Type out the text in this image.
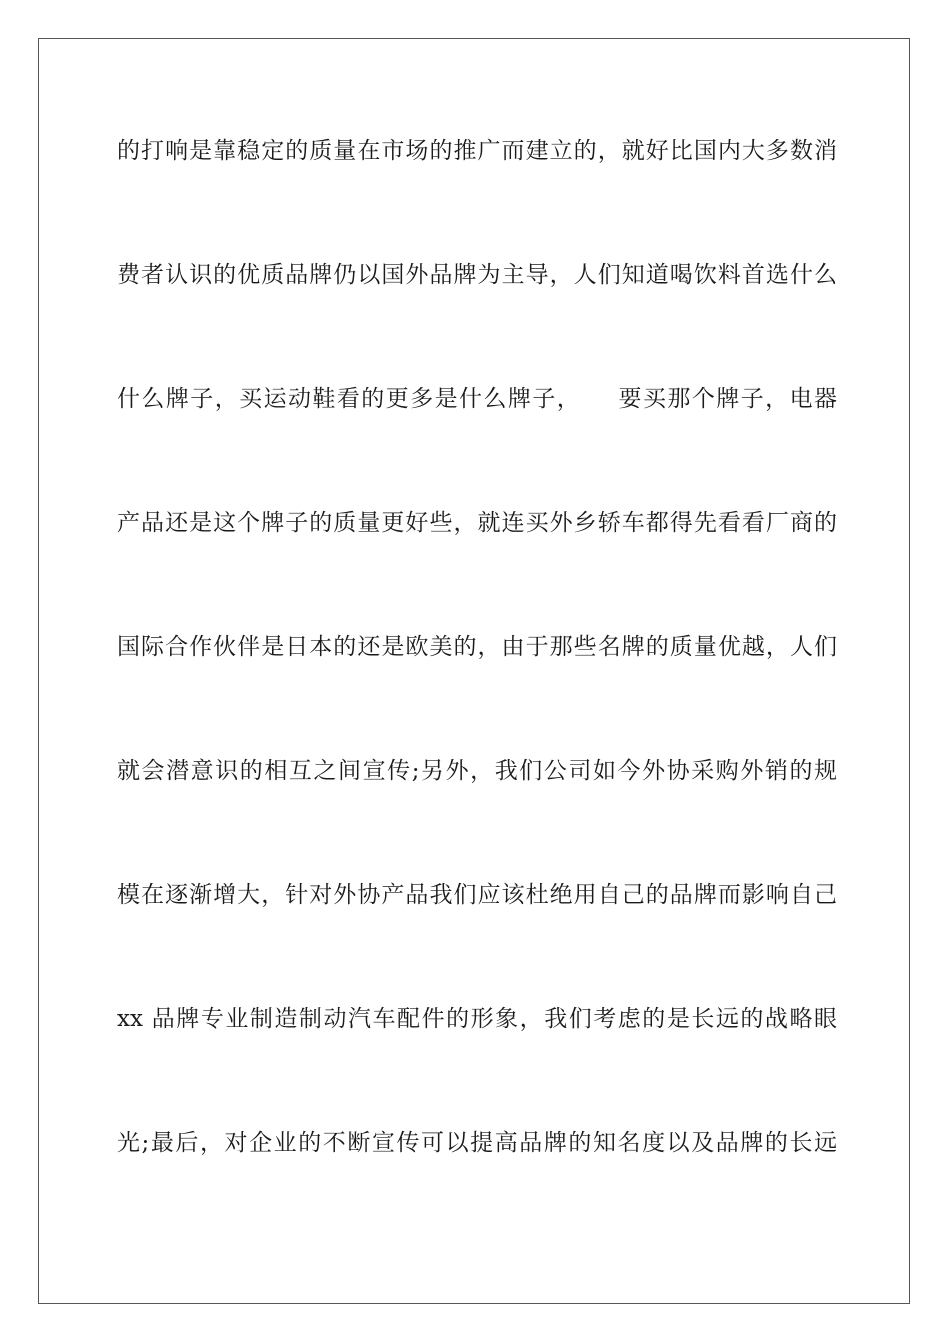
的打响是靠稳定的质量在市场的推广而建立的，就好比国内大多数消
费者认识的优质品牌仍以国外品牌为主导，人们知道喝饮料首选什么
什么牌子，买运动鞋看的更多是什么牌子，　　要买那个牌子，电器
产品还是这个牌子的质量更好些，就连买外乡轿车都得先看看厂商的
国际合作伙伴是日本的还是欧美的，由于那些名牌的质量优越，人们
就会潜意识的相互之间宣传;另外，我们公司如今外协采购外销的规
模在逐渐增大，针对外协产品我们应该杜绝用自己的品牌而影响自己
xx 品牌专业制造制动汽车配件的形象，我们考虑的是长远的战略眼
光;最后，对企业的不断宣传可以提高品牌的知名度以及品牌的长远
